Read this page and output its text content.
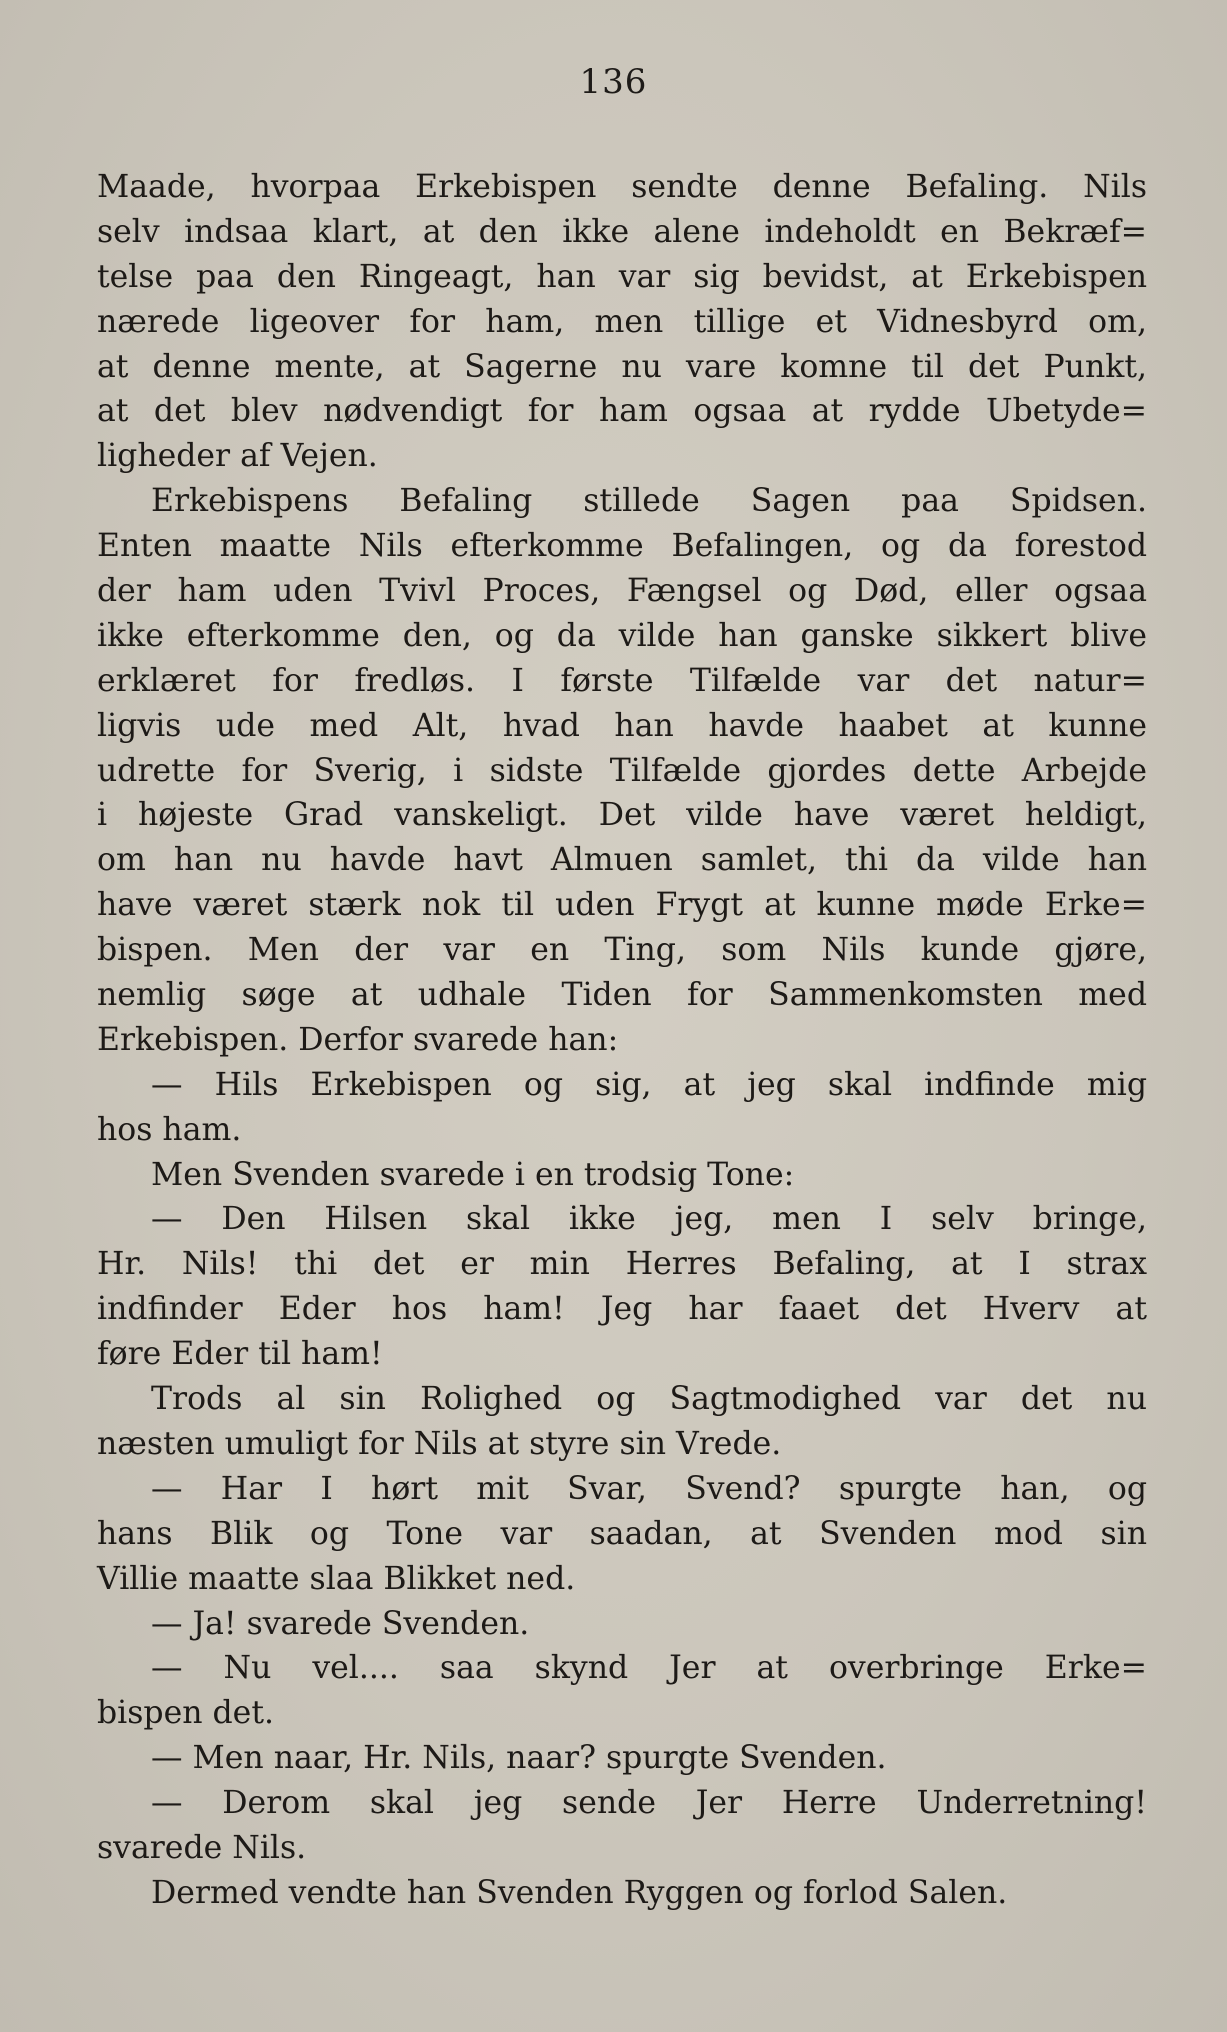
136
Maade, hvorpaa Erkebispen sendte denne Befaling. Nils
selv indsaa klart, at den ikke alene indeholdt en Bekræf=
telse paa den Ringeagt, han var sig bevidst, at Erkebispen
nærede ligeover for ham, men tillige et Vidnesbyrd om,
at denne mente, at Sagerne nu vare komne til det Punkt,
at det blev nødvendigt for ham ogsaa at rydde Ubetyde=
ligheder af Vejen.
Erkebispens Befaling stillede Sagen paa Spidsen.
Enten maatte Nils efterkomme Befalingen, og da forestod
der ham uden Tvivl Proces, Fængsel og Død, eller ogsaa
ikke efterkomme den, og da vilde han ganske sikkert blive
erklæret for fredløs. I første Tilfælde var det natur=
ligvis ude med Alt, hvad han havde haabet at kunne
udrette for Sverig, i sidste Tilfælde gjordes dette Arbejde
i højeste Grad vanskeligt. Det vilde have været heldigt,
om han nu havde havt Almuen samlet, thi da vilde han
have været stærk nok til uden Frygt at kunne møde Erke=
bispen. Men der var en Ting, som Nils kunde gjøre,
nemlig søge at udhale Tiden for Sammenkomsten med
Erkebispen. Derfor svarede han:
— Hils Erkebispen og sig, at jeg skal indfinde mig
hos ham.
Men Svenden svarede i en trodsig Tone:
— Den Hilsen skal ikke jeg, men I selv bringe,
Hr. Nils! thi det er min Herres Befaling, at I strax
indfinder Eder hos ham! Jeg har faaet det Hverv at
føre Eder til ham!
Trods al sin Rolighed og Sagtmodighed var det nu
næsten umuligt for Nils at styre sin Vrede.
— Har I hørt mit Svar, Svend? spurgte han, og
hans Blik og Tone var saadan, at Svenden mod sin
Villie maatte slaa Blikket ned.
— Ja! svarede Svenden.
— Nu vel.... saa skynd Jer at overbringe Erke=
bispen det.
— Men naar, Hr. Nils, naar? spurgte Svenden.
— Derom skal jeg sende Jer Herre Underretning!
svarede Nils.
Dermed vendte han Svenden Ryggen og forlod Salen.
